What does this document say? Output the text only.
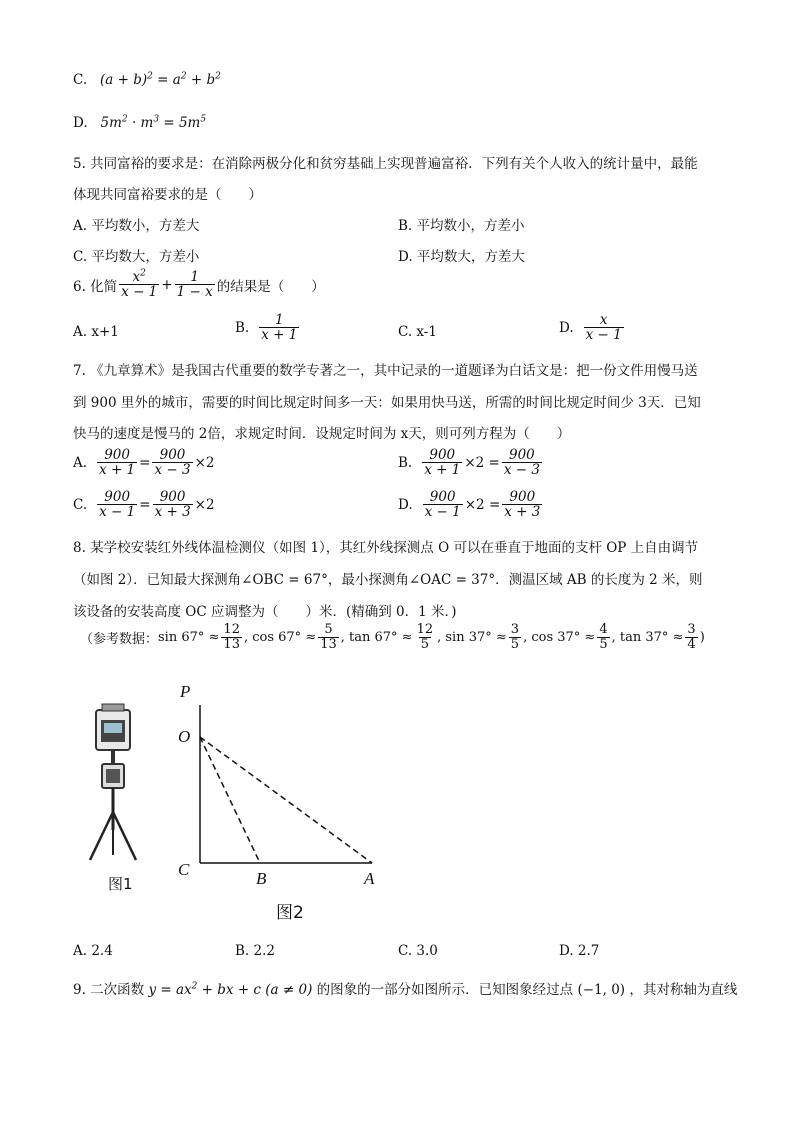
C.   $(a + b)^2 = a^2 + b^2$
D.   $5m^2 \cdot m^3 = 5m^5$
5. 共同富裕的要求是：在消除两极分化和贫穷基础上实现普遍富裕．下列有关个人收入的统计量中，最能
体现共同富裕要求的是（　　）
A. 平均数小，方差大	B. 平均数小，方差小
C. 平均数大，方差小	D. 平均数大，方差大
6. 化简 $\frac{x^2}{x - 1} + \frac{1}{1 - x}$ 的结果是（　　）
A. x+1	B. $\frac{1}{x + 1}$	C. x-1	D. $\frac{x}{x - 1}$
7. 《九章算术》是我国古代重要的数学专著之一，其中记录的一道题译为白话文是：把一份文件用慢马送
到 900 里外的城市，需要的时间比规定时间多一天：如果用快马送，所需的时间比规定时间少 3天．已知
快马的速度是慢马的 2倍，求规定时间．设规定时间为 x天，则可列方程为（　　）
A. $\frac{900}{x + 1} = \frac{900}{x - 3} \times 2$	B. $\frac{900}{x + 1} \times 2 = \frac{900}{x - 3}$
C. $\frac{900}{x - 1} = \frac{900}{x + 3} \times 2$	D. $\frac{900}{x - 1} \times 2 = \frac{900}{x + 3}$
8. 某学校安装红外线体温检测仪（如图 1），其红外线探测点 O 可以在垂直于地面的支杆 OP 上自由调节
（如图 2）．已知最大探测角∠OBC = 67°，最小探测角∠OAC = 37°．测温区域 AB 的长度为 2 米，则
该设备的安装高度 OC 应调整为（　　）米．(精确到 0．1 米．)
（参考数据： $\sin 67^\circ \approx \frac{12}{13}$ , $\cos 67^\circ \approx \frac{5}{13}$ , $\tan 67^\circ \approx \frac{12}{5}$ , $\sin 37^\circ \approx \frac{3}{5}$ , $\cos 37^\circ \approx \frac{4}{5}$ , $\tan 37^\circ \approx \frac{3}{4}$ )
图1
P
O
C	B	A
图2
A. 2.4	B. 2.2	C. 3.0	D. 2.7
9. 二次函数 $y = ax^2$ + bx + c (a ≠ 0) 的图象的一部分如图所示．已知图象经过点 (−1, 0) ，其对称轴为直线
